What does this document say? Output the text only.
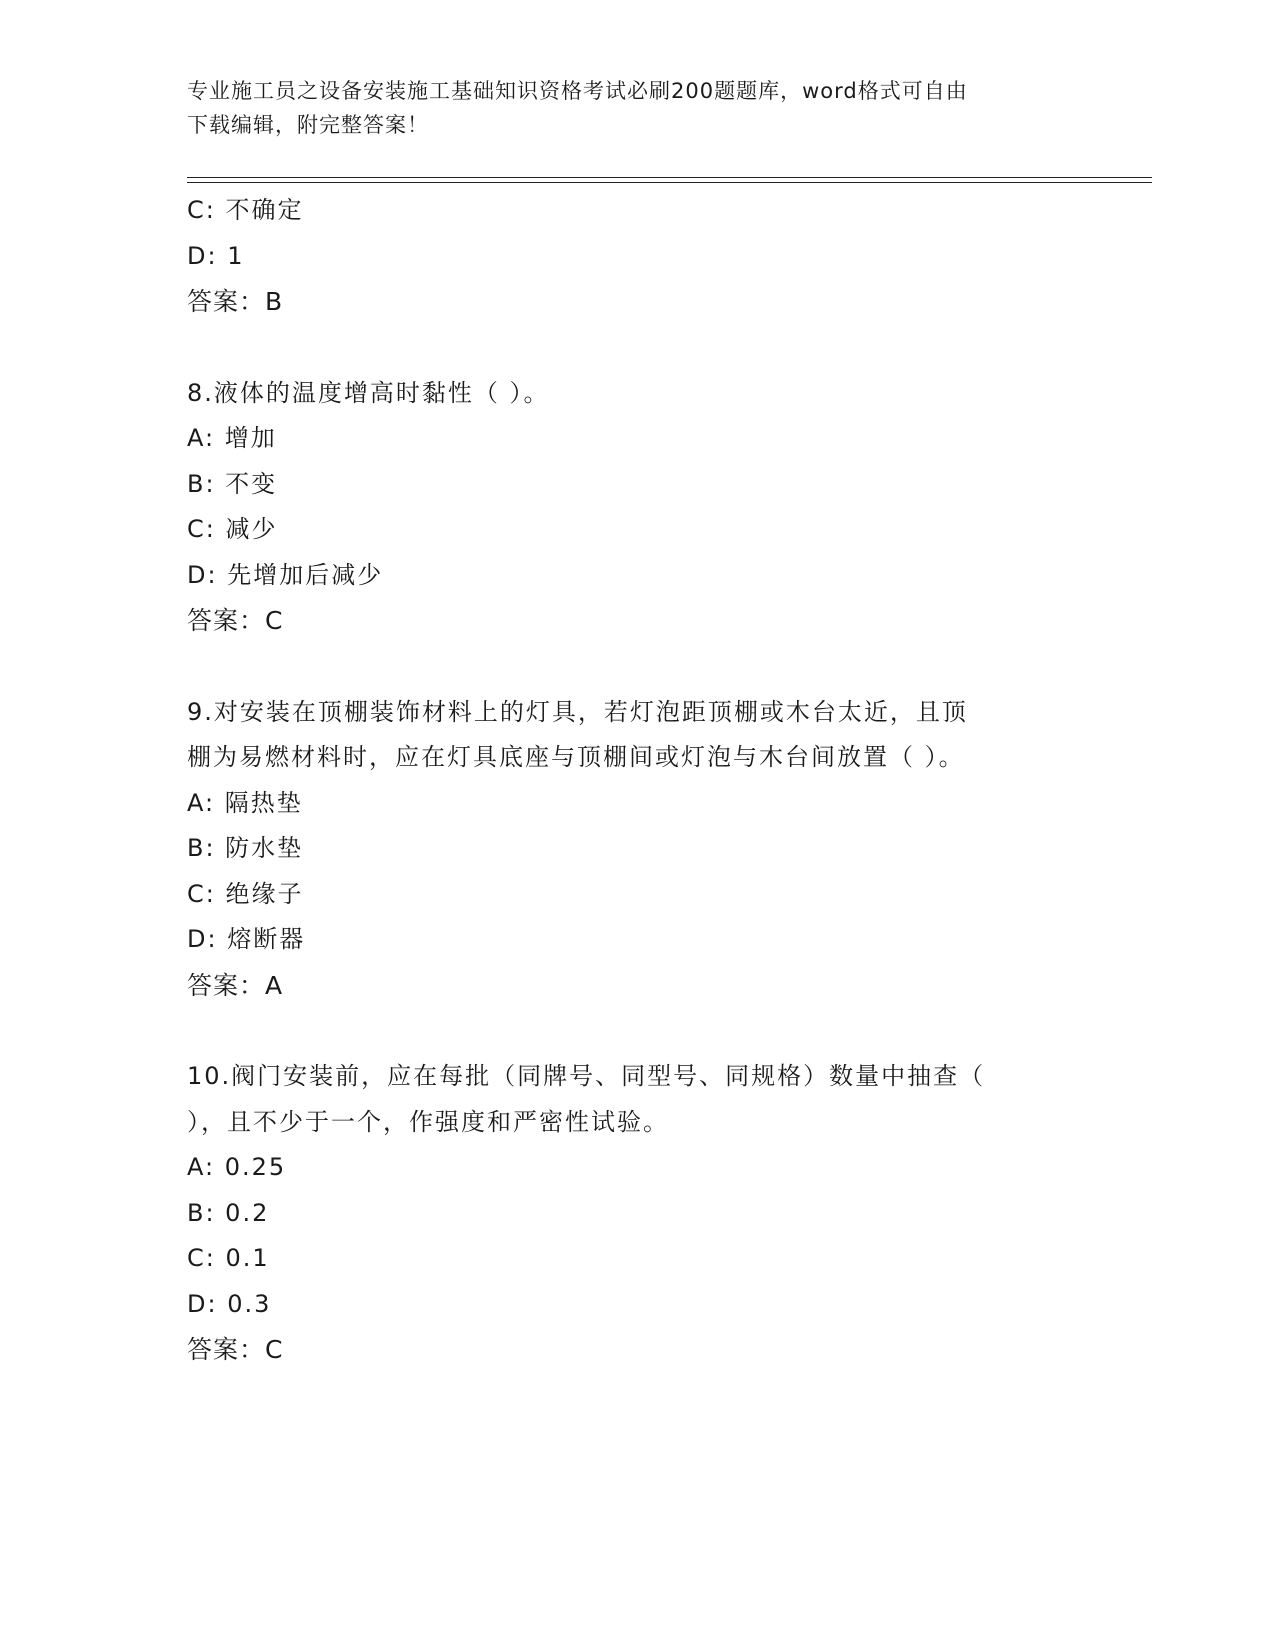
专业施工员之设备安装施工基础知识资格考试必刷200题题库，word格式可自由
下载编辑，附完整答案！
C: 不确定
D: 1
答案：B
8.液体的温度增高时黏性（ ）。
A: 增加
B: 不变
C: 减少
D: 先增加后减少
答案：C
9.对安装在顶棚装饰材料上的灯具，若灯泡距顶棚或木台太近，且顶
棚为易燃材料时，应在灯具底座与顶棚间或灯泡与木台间放置（ ）。
A: 隔热垫
B: 防水垫
C: 绝缘子
D: 熔断器
答案：A
10.阀门安装前，应在每批（同牌号、同型号、同规格）数量中抽查（
），且不少于一个，作强度和严密性试验。
A: 0.25
B: 0.2
C: 0.1
D: 0.3
答案：C
